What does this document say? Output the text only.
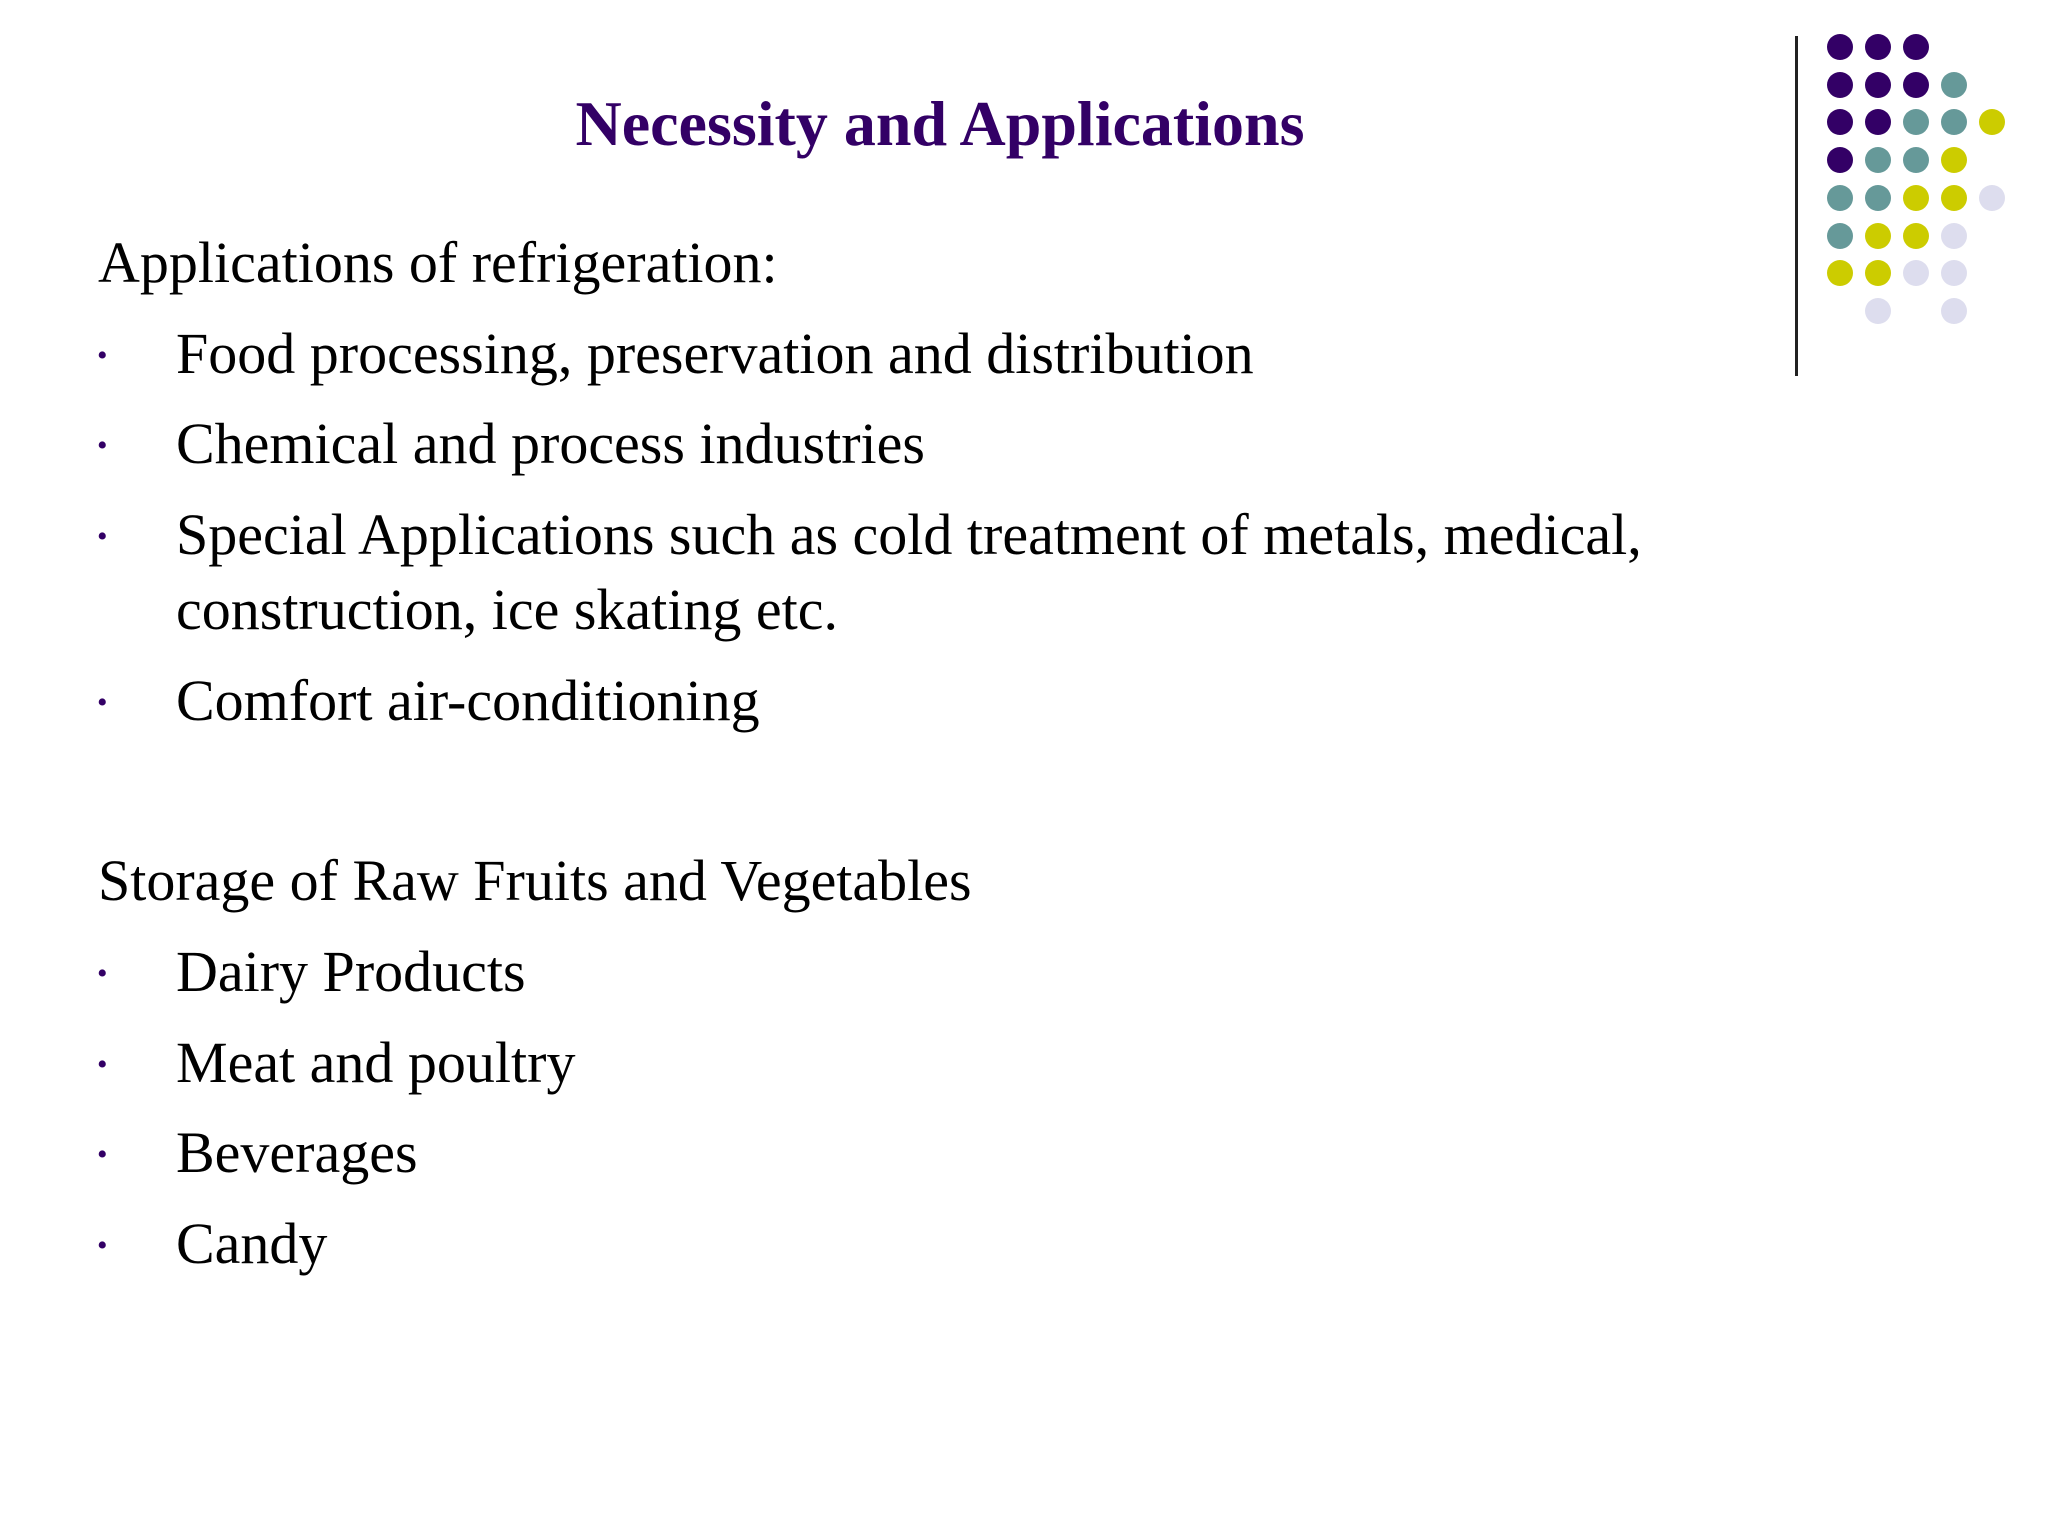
Necessity and Applications
Applications of refrigeration:
• Food processing, preservation and distribution
• Chemical and process industries
• Special Applications such as cold treatment of metals, medical,
construction, ice skating etc.
• Comfort air-conditioning
Storage of Raw Fruits and Vegetables
• Dairy Products
• Meat and poultry
• Beverages
• Candy
